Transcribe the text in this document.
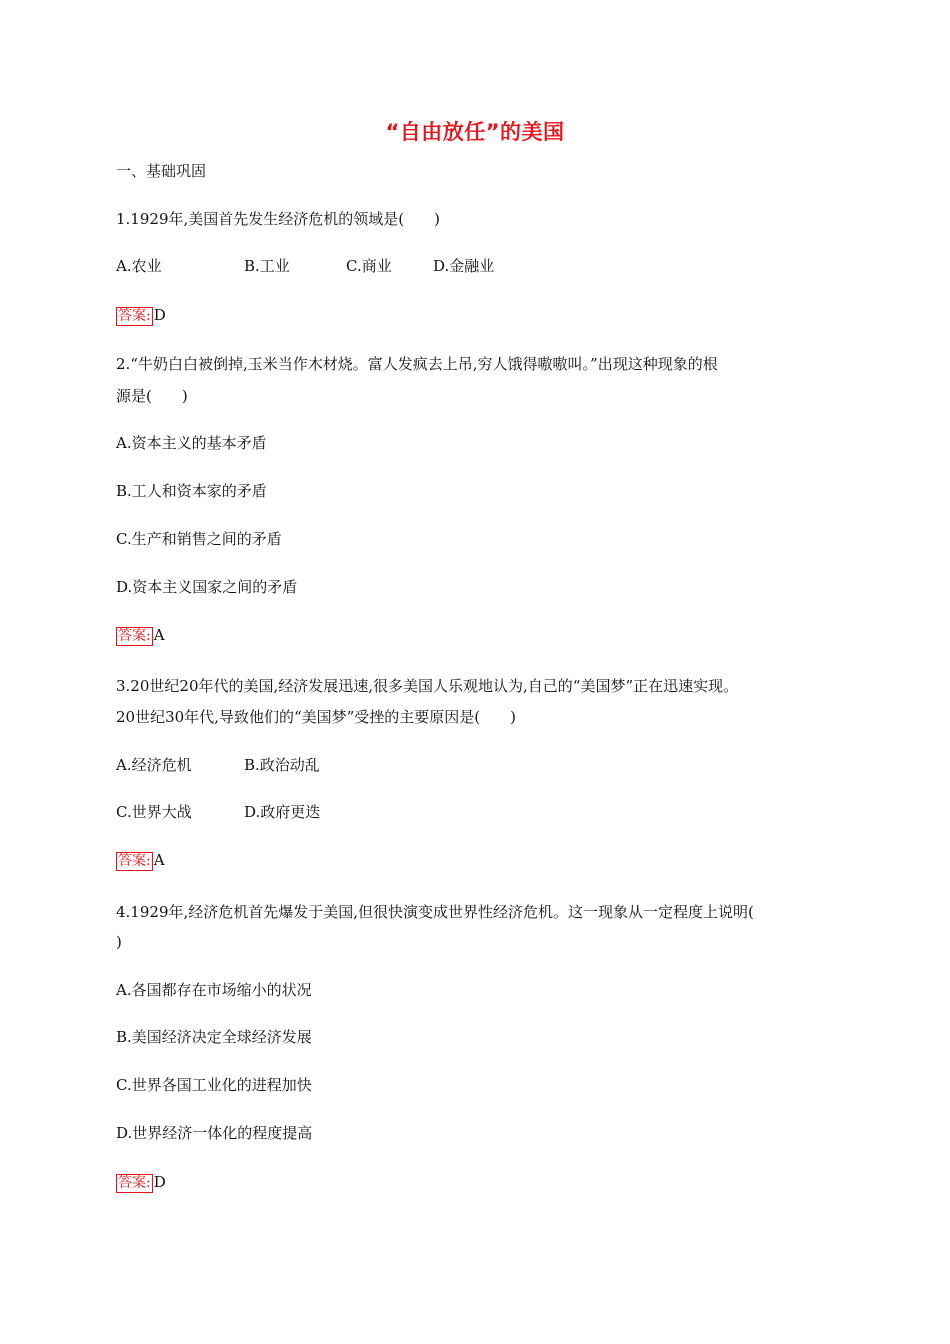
“自由放任”的美国
一、基础巩固
1.1929年,美国首先发生经济危机的领域是(　　)
A.农业	B.工业	C.商业	D.金融业
答案: D
2.“牛奶白白被倒掉,玉米当作木材烧。富人发疯去上吊,穷人饿得嗷嗷叫。”出现这种现象的根
源是(　　)
A.资本主义的基本矛盾
B.工人和资本家的矛盾
C.生产和销售之间的矛盾
D.资本主义国家之间的矛盾
答案: A
3.20世纪20年代的美国,经济发展迅速,很多美国人乐观地认为,自己的“美国梦”正在迅速实现。
20世纪30年代,导致他们的“美国梦”受挫的主要原因是(　　)
A.经济危机	B.政治动乱
C.世界大战	D.政府更迭
答案: A
4.1929年,经济危机首先爆发于美国,但很快演变成世界性经济危机。这一现象从一定程度上说明(
)
A.各国都存在市场缩小的状况
B.美国经济决定全球经济发展
C.世界各国工业化的进程加快
D.世界经济一体化的程度提高
答案: D
